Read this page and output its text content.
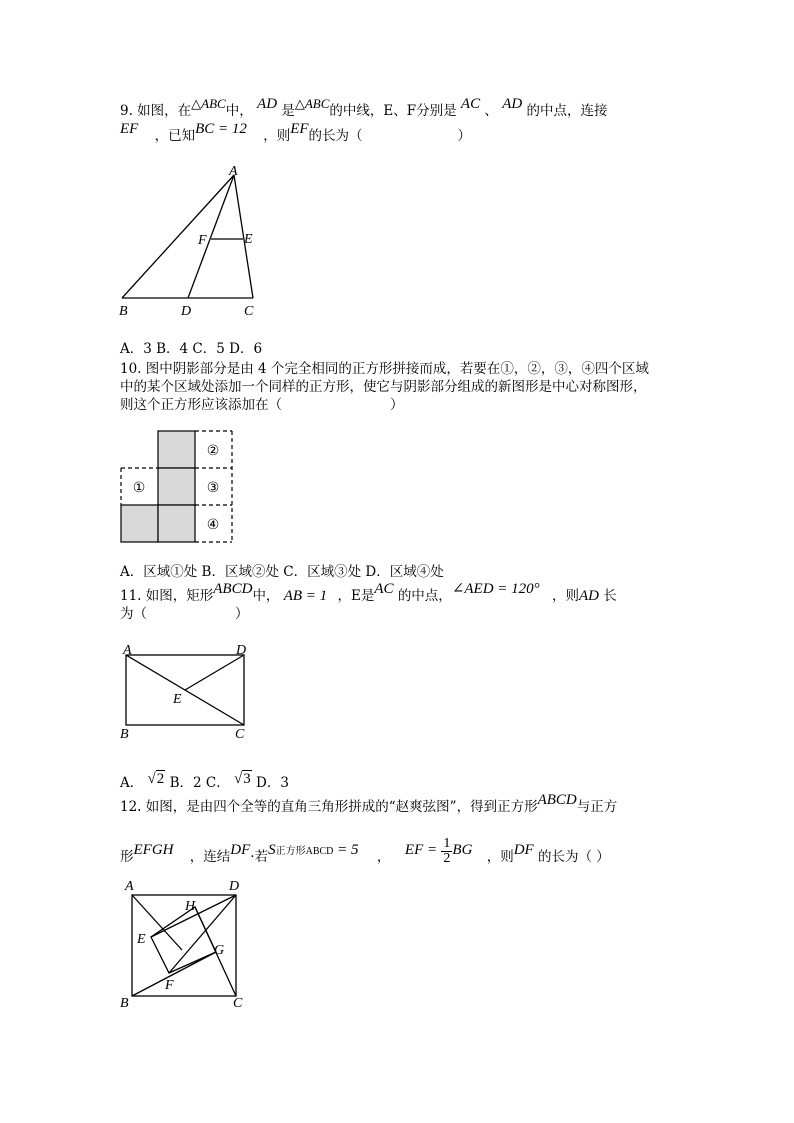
9. 如图，在△ABC中， AD 是△ABC的中线，E、F分别是 AC 、 AD 的中点，连接
EF ，已知BC = 12 ，则EF的长为（	）
A
B	C
D
E
F
A．3 B．4 C．5 D．6
10. 图中阴影部分是由 4 个完全相同的正方形拼接而成，若要在①，②，③，④四个区域
中的某个区域处添加一个同样的正方形，使它与阴影部分组成的新图形是中心对称图形，
则这个正方形应该添加在（	）
①
②
③
④
A．区域①处 B．区域②处 C．区域③处 D．区域④处
11. 如图，矩形ABCD中， AB = 1 ，E是AC 的中点，∠AED = 120° ，则AD 长
为（	）
A	D
B	C
E
A． √2 B．2 C． √3 D．3
12. 如图，是由四个全等的直角三角形拼成的“赵爽弦图”，得到正方形ABCD与正方
形EFGH ，连结DF·若S正方形ABCD = 5 ， EF = $\frac{1}{2}$ BG ，则DF 的长为（ ）
A	D
B	C
E
F
G
H
